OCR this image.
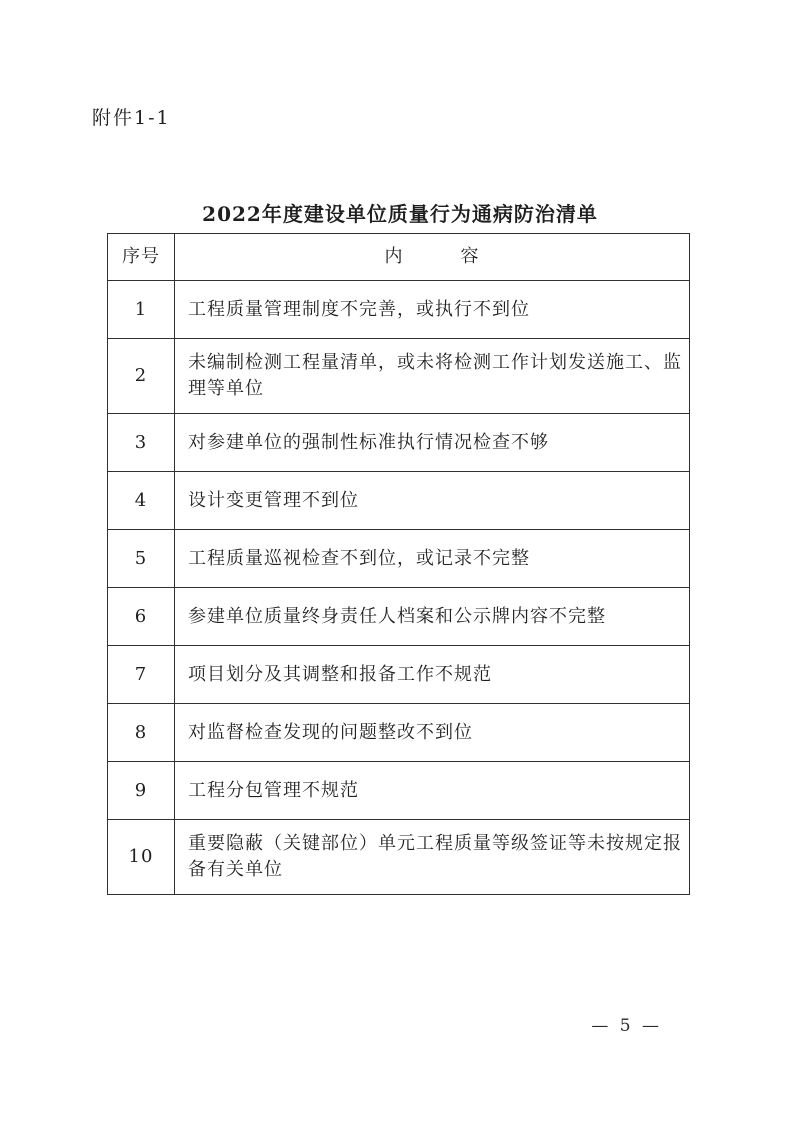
附件1-1
2022年度建设单位质量行为通病防治清单
序号	内　　　容
1	工程质量管理制度不完善，或执行不到位
2	未编制检测工程量清单，或未将检测工作计划发送施工、监理等单位
3	对参建单位的强制性标准执行情况检查不够
4	设计变更管理不到位
5	工程质量巡视检查不到位，或记录不完整
6	参建单位质量终身责任人档案和公示牌内容不完整
7	项目划分及其调整和报备工作不规范
8	对监督检查发现的问题整改不到位
9	工程分包管理不规范
10	重要隐蔽（关键部位）单元工程质量等级签证等未按规定报备有关单位
— 5 —
